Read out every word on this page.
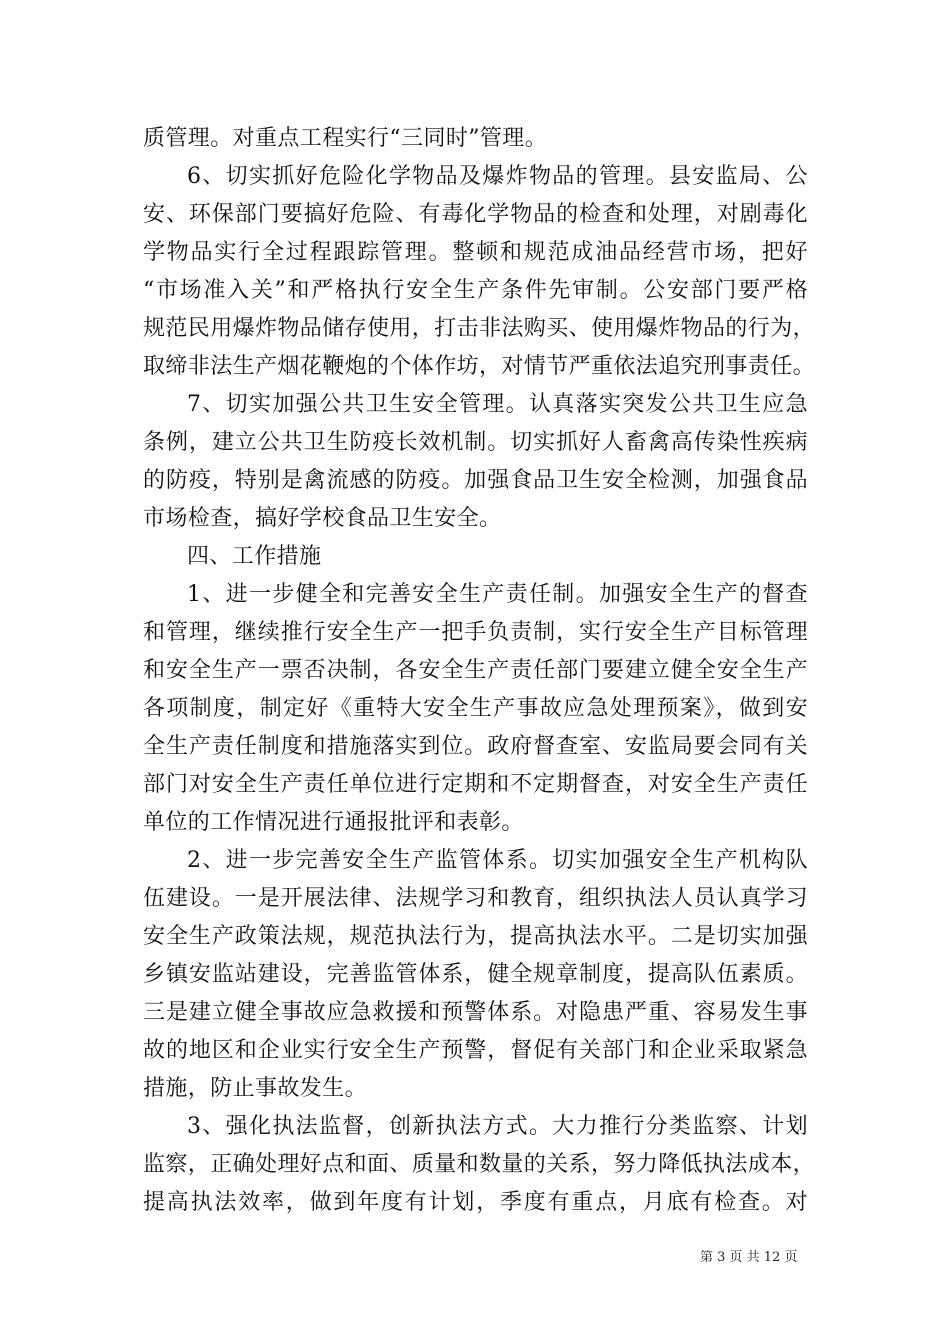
质管理。对重点工程实行“三同时”管理。
6、切实抓好危险化学物品及爆炸物品的管理。县安监局、公
安、环保部门要搞好危险、有毒化学物品的检查和处理，对剧毒化
学物品实行全过程跟踪管理。整顿和规范成油品经营市场，把好
“市场准入关”和严格执行安全生产条件先审制。公安部门要严格
规范民用爆炸物品储存使用，打击非法购买、使用爆炸物品的行为，
取缔非法生产烟花鞭炮的个体作坊，对情节严重依法追究刑事责任。
7、切实加强公共卫生安全管理。认真落实突发公共卫生应急
条例，建立公共卫生防疫长效机制。切实抓好人畜禽高传染性疾病
的防疫，特别是禽流感的防疫。加强食品卫生安全检测，加强食品
市场检查，搞好学校食品卫生安全。
四、工作措施
1、进一步健全和完善安全生产责任制。加强安全生产的督查
和管理，继续推行安全生产一把手负责制，实行安全生产目标管理
和安全生产一票否决制，各安全生产责任部门要建立健全安全生产
各项制度，制定好《重特大安全生产事故应急处理预案》，做到安
全生产责任制度和措施落实到位。政府督查室、安监局要会同有关
部门对安全生产责任单位进行定期和不定期督查，对安全生产责任
单位的工作情况进行通报批评和表彰。
2、进一步完善安全生产监管体系。切实加强安全生产机构队
伍建设。一是开展法律、法规学习和教育，组织执法人员认真学习
安全生产政策法规，规范执法行为，提高执法水平。二是切实加强
乡镇安监站建设，完善监管体系，健全规章制度，提高队伍素质。
三是建立健全事故应急救援和预警体系。对隐患严重、容易发生事
故的地区和企业实行安全生产预警，督促有关部门和企业采取紧急
措施，防止事故发生。
3、强化执法监督，创新执法方式。大力推行分类监察、计划
监察，正确处理好点和面、质量和数量的关系，努力降低执法成本，
提高执法效率，做到年度有计划，季度有重点，月底有检查。对
第 3 页 共 12 页
